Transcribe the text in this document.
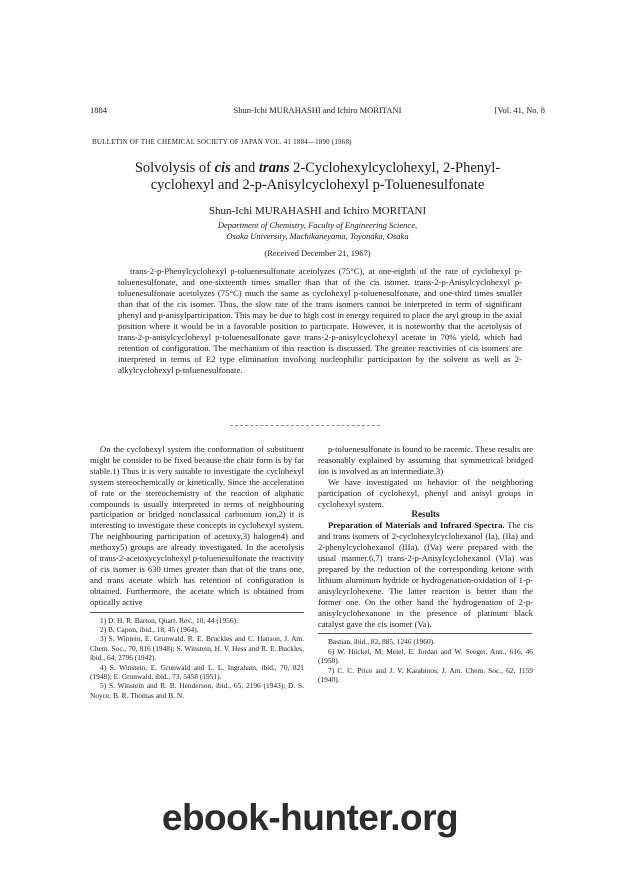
1884	Shun-Ichi MURAHASHI and Ichiro MORITANI	[Vol. 41, No. 8
BULLETIN OF THE CHEMICAL SOCIETY OF JAPAN VOL. 41 1884—1890 (1968)
Solvolysis of cis and trans 2-Cyclohexylcyclohexyl, 2-Phenyl-
cyclohexyl and 2-p-Anisylcyclohexyl p-Toluenesulfonate
Shun-Ichi MURAHASHI and Ichiro MORITANI
Department of Chemistry, Faculty of Engineering Science,
Osaka University, Machikaneyama, Toyonaka, Osaka
(Received December 21, 1967)
trans-2-p-Phenylcyclohexyl p-toluenesulfonate acetolyzes (75°C), at one-eighth of the rate of cyclohexyl p-toluenesulfonate, and one-sixteenth times smaller than that of the cis isomer. trans-2-p-Anisylcyclohexyl p-toluenesulfonate acetolyzes (75°C) much the same as cyclohexyl p-toluenesulfonate, and one-third times smaller than that of the cis isomer. Thus, the slow rate of the trans isomers cannot be interpreted in term of significant phenyl and p-anisylparticipation. This may be due to high cost in energy required to place the aryl group in the axial position where it would be in a favorable position to participate. However, it is noteworthy that the acetolysis of trans-2-p-anisylcyclohexyl p-toluenesulfonate gave trans-2-p-anisylcyclohexyl acetate in 70% yield, which had retention of configuration. The mechanism of this reaction is discussed. The greater reactivities of cis isomers are interpreted in terms of E2 type elimination involving nucleophilic participation by the solvent as well as 2-alkylcyclohexyl p-toluenesulfonate.

On the cyclohexyl system the conformation of substituent might be consider to be fixed because the chair form is by far stable.1) Thus it is very suitable to investigate the cyclohexyl system stereochemically or kinetically. Since the acceleration of rate or the stereochemistry of the reaction of aliphatic compounds is usually interpreted in terms of neighbouring participation or bridged nonclassical carbonium ion,2) it is interesting to investigate these concepts in cyclohexyl system. The neighbouring participation of acetoxy,3) halogen4) and methoxy5) groups are already investigated. In the acetolysis of trans-2-acetoxycyclohexyl p-toluenesulfonate the reactivity of cis isomer is 630 times greater than that of the trans one, and trans acetate which has retention of configuration is obtained. Furthermore, the acetate which is obtained from optically active

1) D. H. R. Barton, Quart. Rev., 10, 44 (1956).

2) B. Capon, ibid., 18, 45 (1964).

3) S. Wintein, E. Grunwald, R. E. Bruckles and C. Hanson, J. Am. Chem. Soc., 70, 816 (1948); S. Winstein, H. V. Hess and R. E. Buckles, ibid., 64, 2796 (1942).

4) S. Winstein, E. Grunwald and L. L. Ingraham, ibid., 70, 821 (1948); E. Grunwald, ibid., 73, 5458 (1951).

5) S. Winstein and R. B. Henderson, ibid., 65, 2196 (1943); D. S. Noyce, B. R. Thomas and B. N.

p-toluenesulfonate is found to be racemic. These results are reasonably explained by assuming that symmetrical bridged ion is involved as an intermediate.3)

We have investigated on behavior of the neighboring participation of cyclohexyl, phenyl and anisyl groups in cyclohexyl system.

Results

Preparation of Materials and Infrared Spectra. The cis and trans isomers of 2-cyclohexylcyclohexanol (Ia), (IIa) and 2-phenylcyclohexanol (IIIa), (IVa) were prepared with the usual manner.6,7) trans-2-p-Anisylcyclohexanol (VIa) was prepared by the reduction of the corresponding ketone with lithium aluminum hydride or hydrogenation-oxidation of 1-p-anisylcyclohexene. The latter reaction is better than the former one. On the other hand the hydrogenation of 2-p-anisylcyclohexanone in the presence of platinum black catalyst gave the cis isomer (Va).

Bastian, ibid., 82, 885, 1246 (1960).

6) W. Hückel, M. Meiel, E. Jordan and W. Seeger, Ann., 616, 46 (1958).

7) C. C. Price and J. V. Karabinos, J. Am. Chem. Soc., 62, 1159 (1940).

ebook-hunter.org
